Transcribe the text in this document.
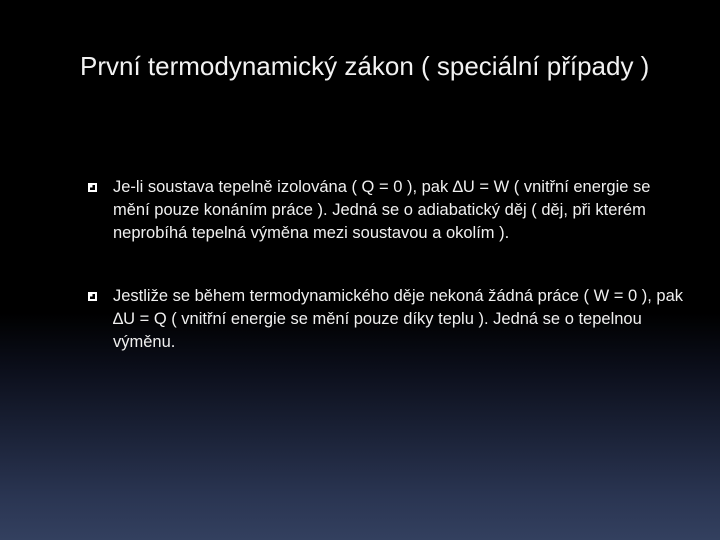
První termodynamický zákon ( speciální případy )
Je-li soustava tepelně izolována ( Q = 0 ), pak ∆U = W ( vnitřní energie se mění pouze konáním práce ). Jedná se o adiabatický děj ( děj, při kterém neprobíhá tepelná výměna mezi soustavou a okolím ).
Jestliže se během termodynamického děje nekoná žádná práce ( W = 0 ), pak ∆U = Q ( vnitřní energie se mění pouze díky teplu ). Jedná se o tepelnou výměnu.
